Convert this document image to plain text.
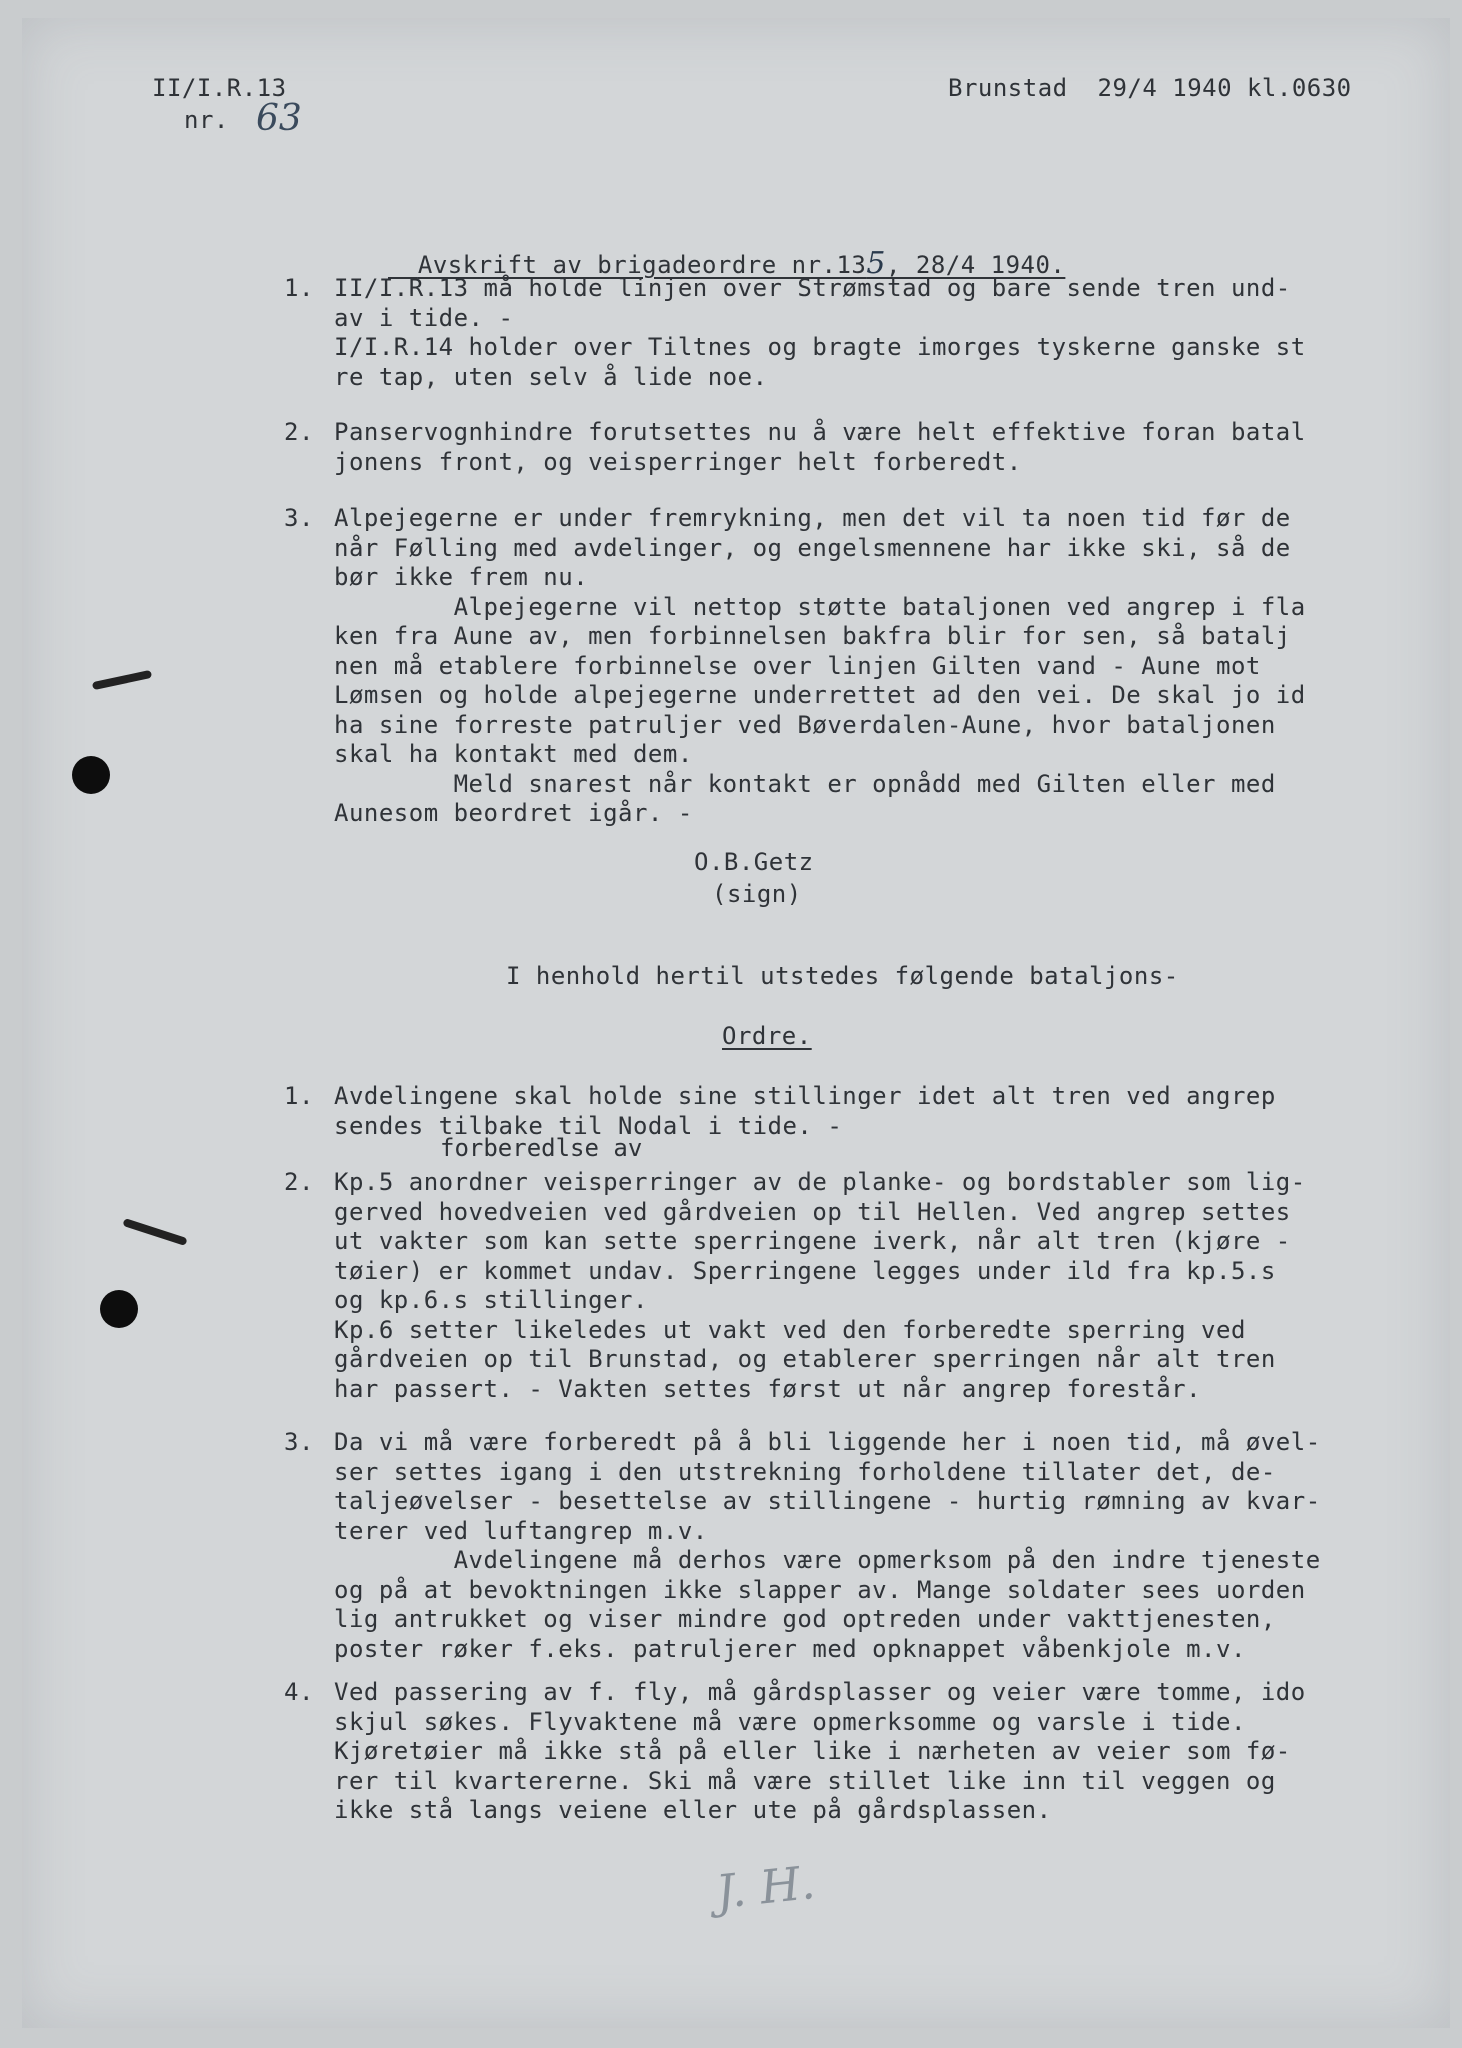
II/I.R.13
nr. 63
Brunstad  29/4 1940 kl.0630

Avskrift av brigadeordre nr.135, 28/4 1940.

1. II/I.R.13 må holde linjen over Strømstad og bare sende tren und-
av i tide. -
I/I.R.14 holder over Tiltnes og bragte imorges tyskerne ganske st
re tap, uten selv å lide noe.
2. Panservognhindre forutsettes nu å være helt effektive foran batal
jonens front, og veisperringer helt forberedt.
3. Alpejegerne er under fremrykning, men det vil ta noen tid før de
når Følling med avdelinger, og engelsmennene har ikke ski, så de
bør ikke frem nu.
Alpejegerne vil nettop støtte bataljonen ved angrep i fla
ken fra Aune av, men forbinnelsen bakfra blir for sen, så batalj
nen må etablere forbinnelse over linjen Gilten vand - Aune mot
Lømsen og holde alpejegerne underrettet ad den vei. De skal jo id
ha sine forreste patruljer ved Bøverdalen-Aune, hvor bataljonen
skal ha kontakt med dem.
Meld snarest når kontakt er opnådd med Gilten eller med
Aunesom beordret igår. -
O.B.Getz
(sign)
I henhold hertil utstedes følgende bataljons-
Ordre.
forberedlse av
1. Avdelingene skal holde sine stillinger idet alt tren ved angrep
sendes tilbake til Nodal i tide. -
2. Kp.5 anordner veisperringer av de planke- og bordstabler som lig-
gerved hovedveien ved gårdveien op til Hellen. Ved angrep settes
ut vakter som kan sette sperringene iverk, når alt tren (kjøre -
tøier) er kommet undav. Sperringene legges under ild fra kp.5.s
og kp.6.s stillinger.
Kp.6 setter likeledes ut vakt ved den forberedte sperring ved
gårdveien op til Brunstad, og etablerer sperringen når alt tren
har passert. - Vakten settes først ut når angrep forestår.
3. Da vi må være forberedt på å bli liggende her i noen tid, må øvel-
ser settes igang i den utstrekning forholdene tillater det, de-
taljeøvelser - besettelse av stillingene - hurtig rømning av kvar-
terer ved luftangrep m.v.
Avdelingene må derhos være opmerksom på den indre tjeneste
og på at bevoktningen ikke slapper av. Mange soldater sees uorden
lig antrukket og viser mindre god optreden under vakttjenesten,
poster røker f.eks. patruljerer med opknappet våbenkjole m.v.
4. Ved passering av f. fly, må gårdsplasser og veier være tomme, ido
skjul søkes. Flyvaktene må være opmerksomme og varsle i tide.
Kjøretøier må ikke stå på eller like i nærheten av veier som fø-
rer til kvartererne. Ski må være stillet like inn til veggen og
ikke stå langs veiene eller ute på gårdsplassen.
J. H.
